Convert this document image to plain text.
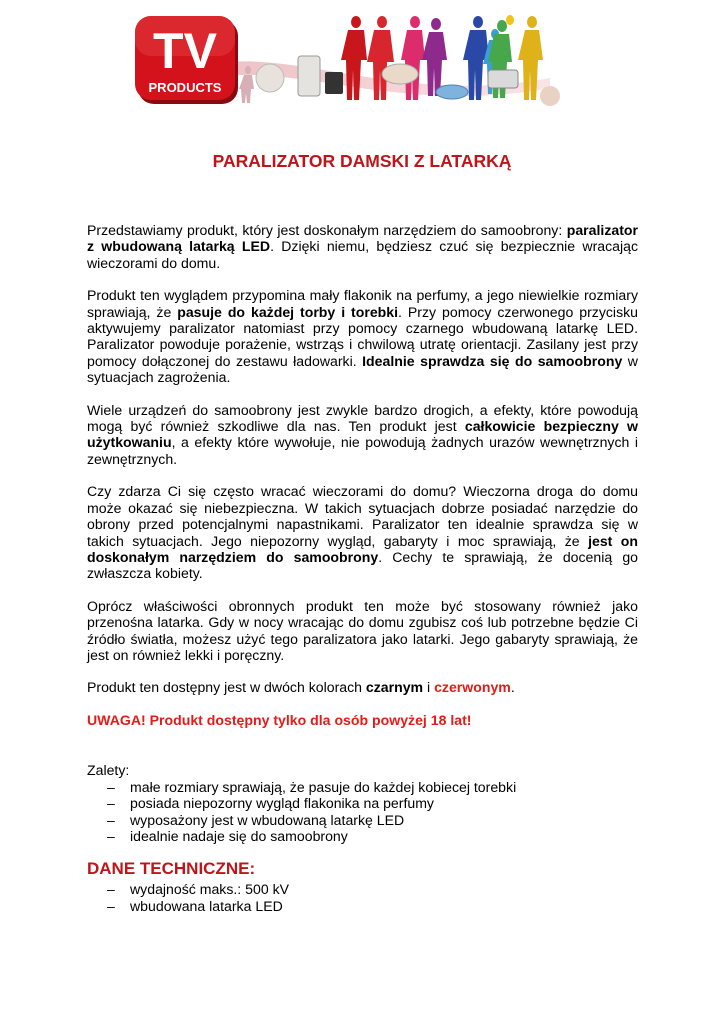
TV
PRODUCTS
PARALIZATOR DAMSKI Z LATARKĄ

Przedstawiamy produkt, który jest doskonałym narzędziem do samoobrony: paralizator z wbudowaną latarką LED. Dzięki niemu, będziesz czuć się bezpiecznie wracając wieczorami do domu.

Produkt ten wyglądem przypomina mały flakonik na perfumy, a jego niewielkie rozmiary sprawiają, że pasuje do każdej torby i torebki. Przy pomocy czerwonego przycisku aktywujemy paralizator natomiast przy pomocy czarnego wbudowaną latarkę LED. Paralizator powoduje porażenie, wstrząs i chwilową utratę orientacji. Zasilany jest przy pomocy dołączonej do zestawu ładowarki. Idealnie sprawdza się do samoobrony w sytuacjach zagrożenia.

Wiele urządzeń do samoobrony jest zwykle bardzo drogich, a efekty, które powodują mogą być również szkodliwe dla nas. Ten produkt jest całkowicie bezpieczny w użytkowaniu, a efekty które wywołuje, nie powodują żadnych urazów wewnętrznych i zewnętrznych.

Czy zdarza Ci się często wracać wieczorami do domu? Wieczorna droga do domu może okazać się niebezpieczna. W takich sytuacjach dobrze posiadać narzędzie do obrony przed potencjalnymi napastnikami. Paralizator ten idealnie sprawdza się w takich sytuacjach. Jego niepozorny wygląd, gabaryty i moc sprawiają, że jest on doskonałym narzędziem do samoobrony. Cechy te sprawiają, że docenią go zwłaszcza kobiety.

Oprócz właściwości obronnych produkt ten może być stosowany również jako przenośna latarka. Gdy w nocy wracając do domu zgubisz coś lub potrzebne będzie Ci źródło światła, możesz użyć tego paralizatora jako latarki. Jego gabaryty sprawiają, że jest on również lekki i poręczny.

Produkt ten dostępny jest w dwóch kolorach czarnym i czerwonym.

UWAGA! Produkt dostępny tylko dla osób powyżej 18 lat!

Zalety:
– małe rozmiary sprawiają, że pasuje do każdej kobiecej torebki
– posiada niepozorny wygląd flakonika na perfumy
– wyposażony jest w wbudowaną latarkę LED
– idealnie nadaje się do samoobrony
DANE TECHNICZNE:
– wydajność maks.: 500 kV
– wbudowana latarka LED
